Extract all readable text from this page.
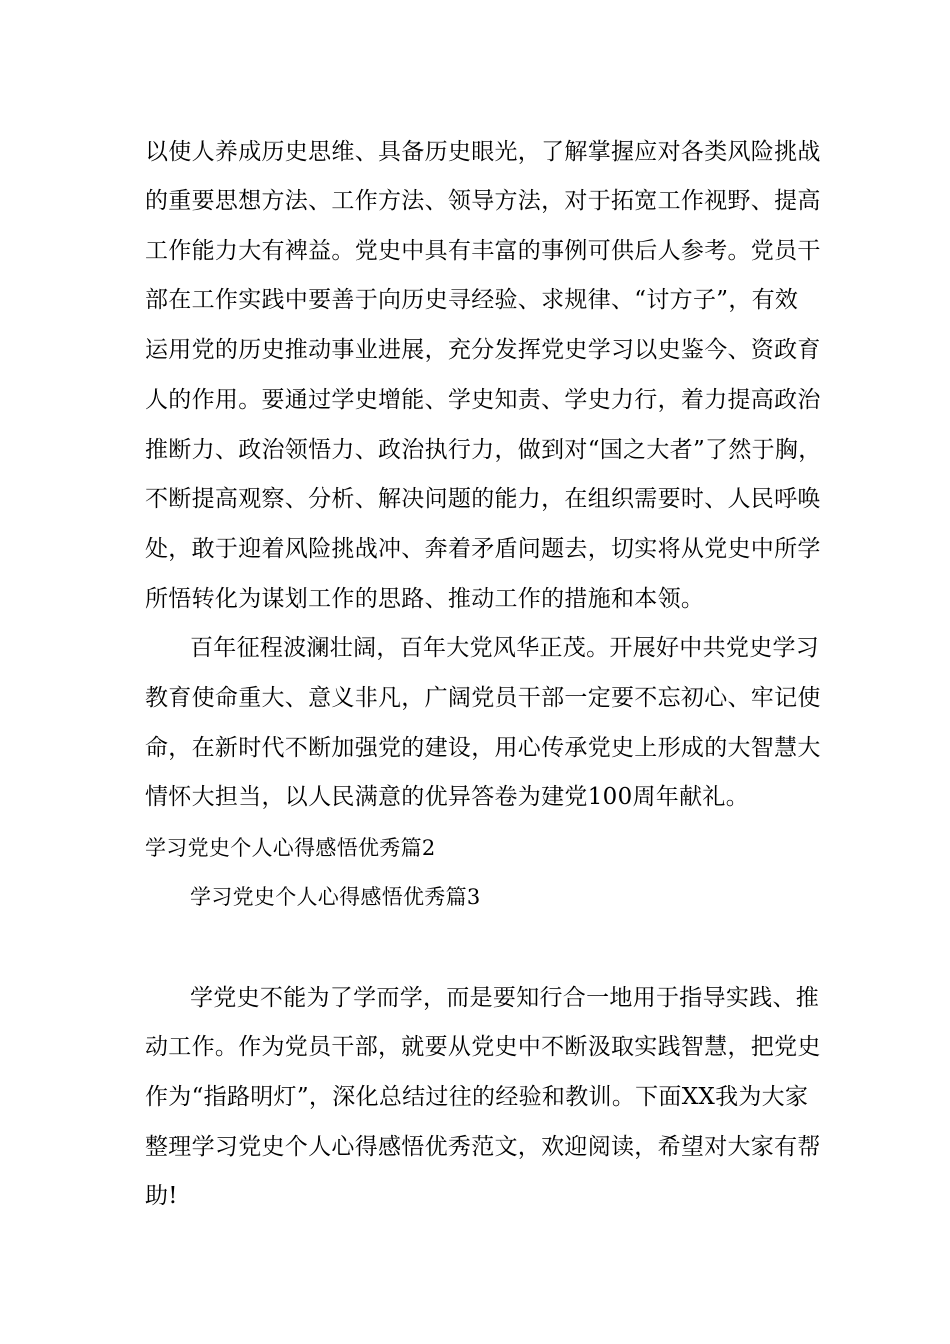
以使人养成历史思维、具备历史眼光，了解掌握应对各类风险挑战
的重要思想方法、工作方法、领导方法，对于拓宽工作视野、提高
工作能力大有裨益。党史中具有丰富的事例可供后人参考。党员干
部在工作实践中要善于向历史寻经验、求规律、“讨方子”，有效
运用党的历史推动事业进展，充分发挥党史学习以史鉴今、资政育
人的作用。要通过学史增能、学史知责、学史力行，着力提高政治
推断力、政治领悟力、政治执行力，做到对“国之大者”了然于胸，
不断提高观察、分析、解决问题的能力，在组织需要时、人民呼唤
处，敢于迎着风险挑战冲、奔着矛盾问题去，切实将从党史中所学
所悟转化为谋划工作的思路、推动工作的措施和本领。
百年征程波澜壮阔，百年大党风华正茂。开展好中共党史学习
教育使命重大、意义非凡，广阔党员干部一定要不忘初心、牢记使
命，在新时代不断加强党的建设，用心传承党史上形成的大智慧大
情怀大担当，以人民满意的优异答卷为建党100周年献礼。
学习党史个人心得感悟优秀篇2
学习党史个人心得感悟优秀篇3
学党史不能为了学而学，而是要知行合一地用于指导实践、推
动工作。作为党员干部，就要从党史中不断汲取实践智慧，把党史
作为“指路明灯”，深化总结过往的经验和教训。下面XX我为大家
整理学习党史个人心得感悟优秀范文，欢迎阅读，希望对大家有帮
助!
